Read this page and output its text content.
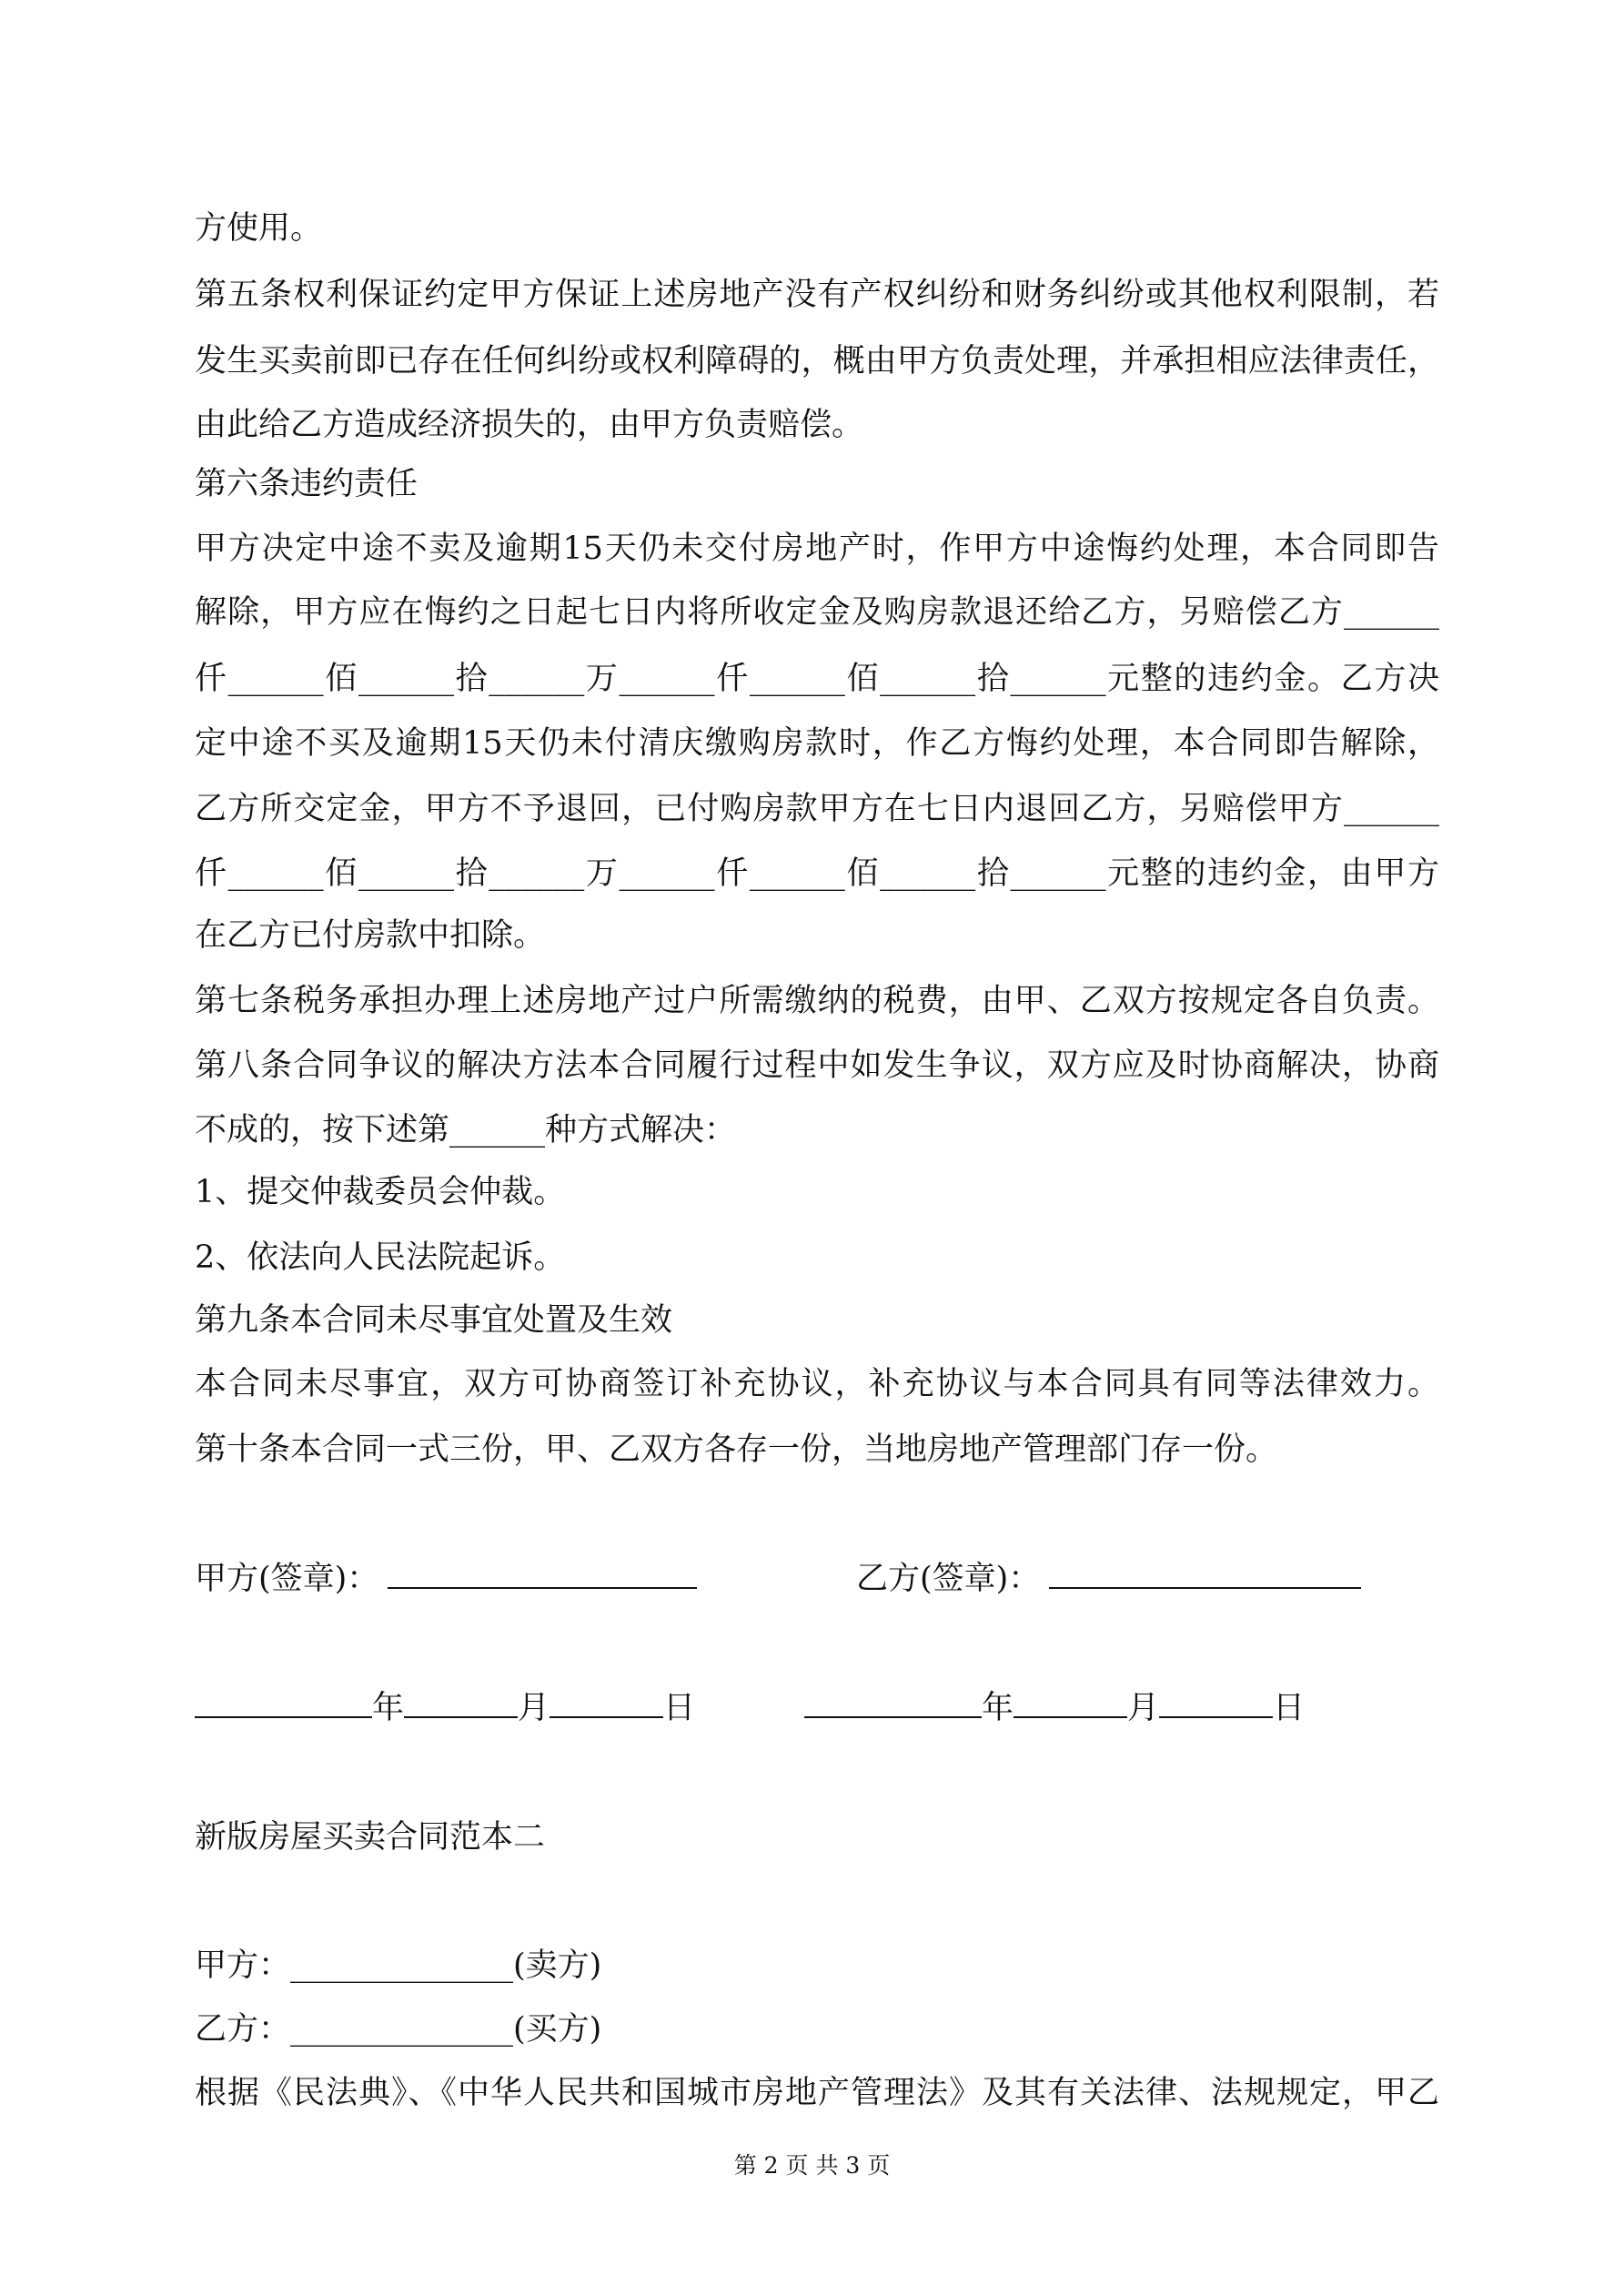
方使用。
第五条权利保证约定甲方保证上述房地产没有产权纠纷和财务纠纷或其他权利限制，若
发生买卖前即已存在任何纠纷或权利障碍的，概由甲方负责处理，并承担相应法律责任，
由此给乙方造成经济损失的，由甲方负责赔偿。
第六条违约责任
甲方决定中途不卖及逾期15天仍未交付房地产时，作甲方中途悔约处理，本合同即告
解除，甲方应在悔约之日起七日内将所收定金及购房款退还给乙方，另赔偿乙方______
仟______佰______拾______万______仟______佰______拾______元整的违约金。乙方决
定中途不买及逾期15天仍未付清庆缴购房款时，作乙方悔约处理，本合同即告解除，
乙方所交定金，甲方不予退回，已付购房款甲方在七日内退回乙方，另赔偿甲方______
仟______佰______拾______万______仟______佰______拾______元整的违约金，由甲方
在乙方已付房款中扣除。
第七条税务承担办理上述房地产过户所需缴纳的税费，由甲、乙双方按规定各自负责。
第八条合同争议的解决方法本合同履行过程中如发生争议，双方应及时协商解决，协商
不成的，按下述第______种方式解决：
1、提交仲裁委员会仲裁。
2、依法向人民法院起诉。
第九条本合同未尽事宜处置及生效
本合同未尽事宜，双方可协商签订补充协议，补充协议与本合同具有同等法律效力。
第十条本合同一式三份，甲、乙双方各存一份，当地房地产管理部门存一份。
甲方(签章)：	乙方(签章)：
年	月	日	年	月	日
新版房屋买卖合同范本二
甲方：______________(卖方)
乙方：______________(买方)
根据《民法典》、《中华人民共和国城市房地产管理法》及其有关法律、法规规定，甲乙
第 2 页 共 3 页
